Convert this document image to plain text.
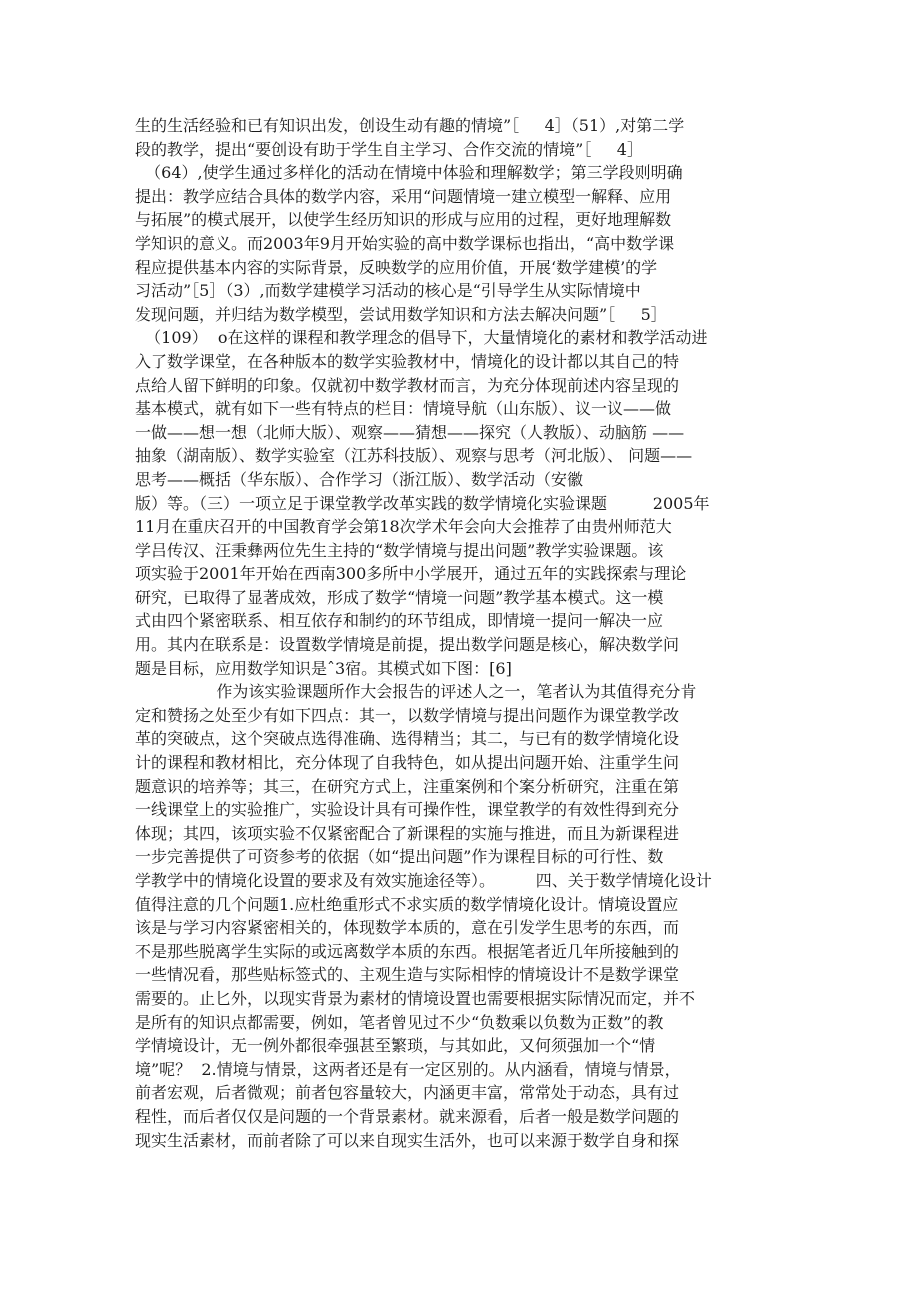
生的生活经验和已有知识出发，创设生动有趣的情境”［     4］（51）,对第二学
段的教学，提出“要创设有助于学生自主学习、合作交流的情境”［     4］
（64）,使学生通过多样化的活动在情境中体验和理解数学；第三学段则明确
提出：教学应结合具体的数学内容，采用“问题情境一建立模型一解释、应用
与拓展”的模式展开，以使学生经历知识的形成与应用的过程，更好地理解数
学知识的意义。而2003年9月开始实验的高中数学课标也指出，“高中数学课
程应提供基本内容的实际背景，反映数学的应用价值，开展‘数学建模’的学
习活动”［5］（3）,而数学建模学习活动的核心是“引导学生从实际情境中
发现问题，并归结为数学模型，尝试用数学知识和方法去解决问题”［     5］
（109）  o在这样的课程和教学理念的倡导下，大量情境化的素材和教学活动进
入了数学课堂，在各种版本的数学实验教材中，情境化的设计都以其自己的特
点给人留下鲜明的印象。仅就初中数学教材而言，为充分体现前述内容呈现的
基本模式，就有如下一些有特点的栏目：情境导航（山东版）、议一议——做
一做——想一想（北师大版）、观察——猜想——探究（人教版）、动脑筋 ——
抽象（湖南版）、数学实验室（江苏科技版）、观察与思考（河北版）、 问题——
思考——概括（华东版）、合作学习（浙江版）、数学活动（安徽
版）等。（三）一项立足于课堂教学改革实践的数学情境化实验课题         2005年
11月在重庆召开的中国教育学会第18次学术年会向大会推荐了由贵州师范大
学吕传汉、汪秉彝两位先生主持的“数学情境与提出问题”教学实验课题。该
项实验于2001年开始在西南300多所中小学展开，通过五年的实践探索与理论
研究，已取得了显著成效，形成了数学“情境一问题”教学基本模式。这一模
式由四个紧密联系、相互依存和制约的环节组成，即情境一提问一解决一应
用。其内在联系是：设置数学情境是前提，提出数学问题是核心，解决数学问
题是目标，应用数学知识是ˆ3宿。其模式如下图：[6]
作为该实验课题所作大会报告的评述人之一，笔者认为其值得充分肯
定和赞扬之处至少有如下四点：其一，以数学情境与提出问题作为课堂教学改
革的突破点，这个突破点选得准确、选得精当；其二，与已有的数学情境化设
计的课程和教材相比，充分体现了自我特色，如从提出问题开始、注重学生问
题意识的培养等；其三，在研究方式上，注重案例和个案分析研究，注重在第
一线课堂上的实验推广，实验设计具有可操作性，课堂教学的有效性得到充分
体现；其四，该项实验不仅紧密配合了新课程的实施与推进，而且为新课程进
一步完善提供了可资参考的依据（如“提出问题”作为课程目标的可行性、数
学教学中的情境化设置的要求及有效实施途径等）。        四、关于数学情境化设计
值得注意的几个问题1.应杜绝重形式不求实质的数学情境化设计。情境设置应
该是与学习内容紧密相关的，体现数学本质的，意在引发学生思考的东西，而
不是那些脱离学生实际的或远离数学本质的东西。根据笔者近几年所接触到的
一些情况看，那些贴标签式的、主观生造与实际相悖的情境设计不是数学课堂
需要的。止匕外，以现实背景为素材的情境设置也需要根据实际情况而定，并不
是所有的知识点都需要，例如，笔者曾见过不少“负数乘以负数为正数”的教
学情境设计，无一例外都很牵强甚至繁琐，与其如此，又何须强加一个“情
境”呢？  2.情境与情景，这两者还是有一定区别的。从内涵看，情境与情景，
前者宏观，后者微观；前者包容量较大，内涵更丰富，常常处于动态，具有过
程性，而后者仅仅是问题的一个背景素材。就来源看，后者一般是数学问题的
现实生活素材，而前者除了可以来自现实生活外，也可以来源于数学自身和探
